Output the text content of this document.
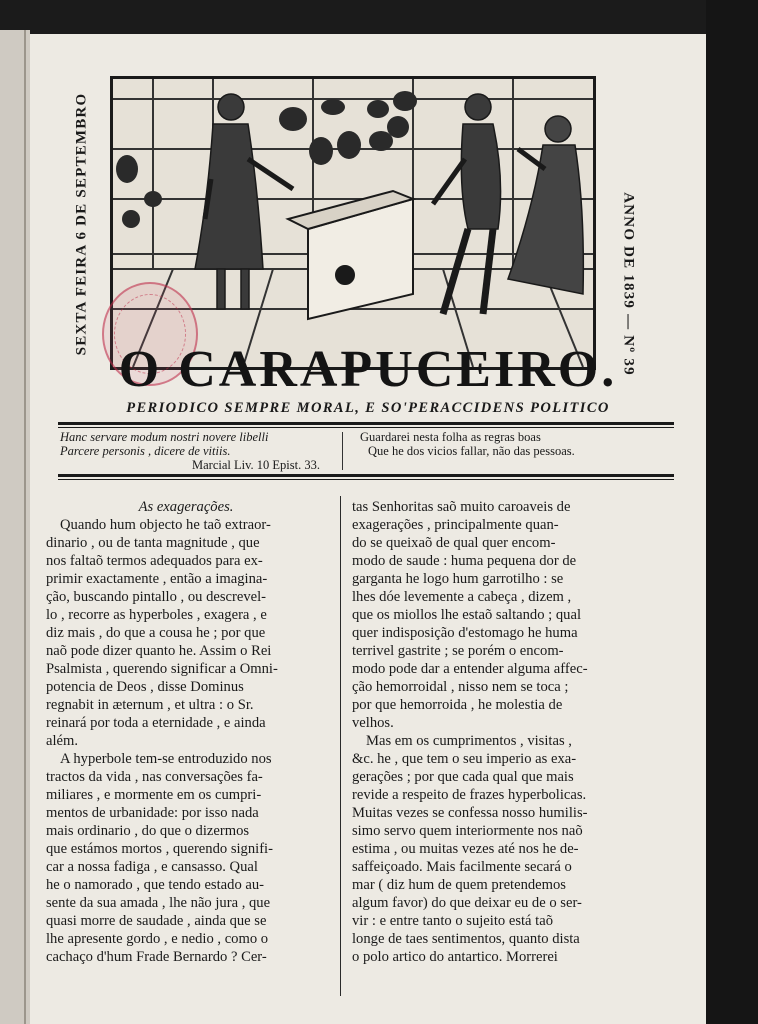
SEXTA FEIRA 6 DE SEPTEMBRO	ANNO DE 1839 — Nº 39
O CARAPUCEIRO.
PERIODICO SEMPRE MORAL, E SO'PERACCIDENS POLITICO
Hanc servare modum nostri novere libelli
Parcere personis , dicere de vitiis.
Marcial Liv. 10 Epist. 33.
Guardarei nesta folha as regras boas
Que he dos vicios fallar, não das pessoas.
As exagerações.
Quando hum objecto he taõ extraor-
dinario , ou de tanta magnitude , que
nos faltaõ termos adequados para ex-
primir exactamente , então a imagina-
ção, buscando pintallo , ou descrevel-
lo , recorre as hyperboles , exagera , e
diz mais , do que a cousa he ; por que
naõ pode dizer quanto he. Assim o Rei
Psalmista , querendo significar a Omni-
potencia de Deos , disse Dominus
regnabit in æternum , et ultra : o Sr.
reinará por toda a eternidade , e ainda
além.
A hyperbole tem-se entroduzido nos
tractos da vida , nas conversações fa-
miliares , e mormente em os cumpri-
mentos de urbanidade: por isso nada
mais ordinario , do que o dizermos
que estámos mortos , querendo signifi-
car a nossa fadiga , e cansasso. Qual
he o namorado , que tendo estado au-
sente da sua amada , lhe não jura , que
quasi morre de saudade , ainda que se
lhe apresente gordo , e nedio , como o
cachaço d'hum Frade Bernardo ? Cer-
tas Senhoritas saõ muito caroaveis de
exagerações , principalmente quan-
do se queixaõ de qual quer encom-
modo de saude : huma pequena dor de
garganta he logo hum garrotilho : se
lhes dóe levemente a cabeça , dizem ,
que os miollos lhe estaõ saltando ; qual
quer indisposição d'estomago he huma
terrivel gastrite ; se porém o encom-
modo pode dar a entender alguma affec-
ção hemorroidal , nisso nem se toca ;
por que hemorroida , he molestia de
velhos.
Mas em os cumprimentos , visitas ,
&c. he , que tem o seu imperio as exa-
gerações ; por que cada qual que mais
revide a respeito de frazes hyperbolicas.
Muitas vezes se confessa nosso humilis-
simo servo quem interiormente nos naõ
estima , ou muitas vezes até nos he de-
saffeiçoado. Mais facilmente secará o
mar ( diz hum de quem pretendemos
algum favor) do que deixar eu de o ser-
vir : e entre tanto o sujeito está taõ
longe de taes sentimentos, quanto dista
o polo artico do antartico. Morrerei
